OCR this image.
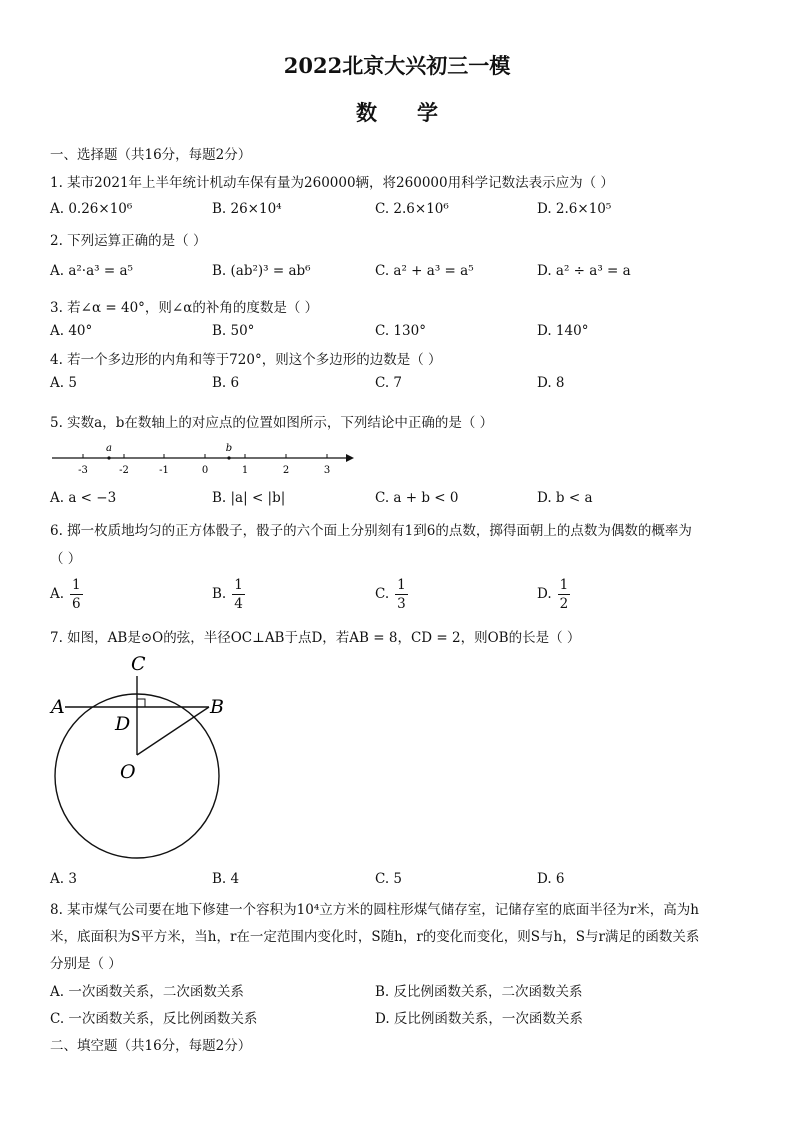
2022北京大兴初三一模
数学
一、选择题（共16分，每题2分）
1. 某市2021年上半年统计机动车保有量为260000辆，将260000用科学记数法表示应为（ ）
A. 0.26×10⁶	B. 26×10⁴	C. 2.6×10⁶	D. 2.6×10⁵
2. 下列运算正确的是（ ）
A. a²·a³ = a⁵	B. (ab²)³ = ab⁶	C. a² + a³ = a⁵	D. a² ÷ a³ = a
3. 若∠α = 40°，则∠α的补角的度数是（ ）
A. 40°	B. 50°	C. 130°	D. 140°
4. 若一个多边形的内角和等于720°，则这个多边形的边数是（ ）
A. 5	B. 6	C. 7	D. 8
5. 实数a，b在数轴上的对应点的位置如图所示，下列结论中正确的是（ ）
-3	-2	-1	0	1	2	3
a	b
A. a < −3	B. |a| < |b|	C. a + b < 0	D. b < a
6. 掷一枚质地均匀的正方体骰子，骰子的六个面上分别刻有1到6的点数，掷得面朝上的点数为偶数的概率为
（ ）
A. $\frac{1}{6}$	B. $\frac{1}{4}$	C. $\frac{1}{3}$	D. $\frac{1}{2}$
7. 如图，AB是⊙O的弦，半径OC⊥AB于点D，若AB = 8，CD = 2，则OB的长是（ ）
C
A	B
D
O
A. 3	B. 4	C. 5	D. 6
8. 某市煤气公司要在地下修建一个容积为10⁴立方米的圆柱形煤气储存室，记储存室的底面半径为r米，高为h
米，底面积为S平方米，当h，r在一定范围内变化时，S随h，r的变化而变化，则S与h，S与r满足的函数关系
分别是（ ）
A. 一次函数关系，二次函数关系	B. 反比例函数关系，二次函数关系
C. 一次函数关系，反比例函数关系	D. 反比例函数关系，一次函数关系
二、填空题（共16分，每题2分）
